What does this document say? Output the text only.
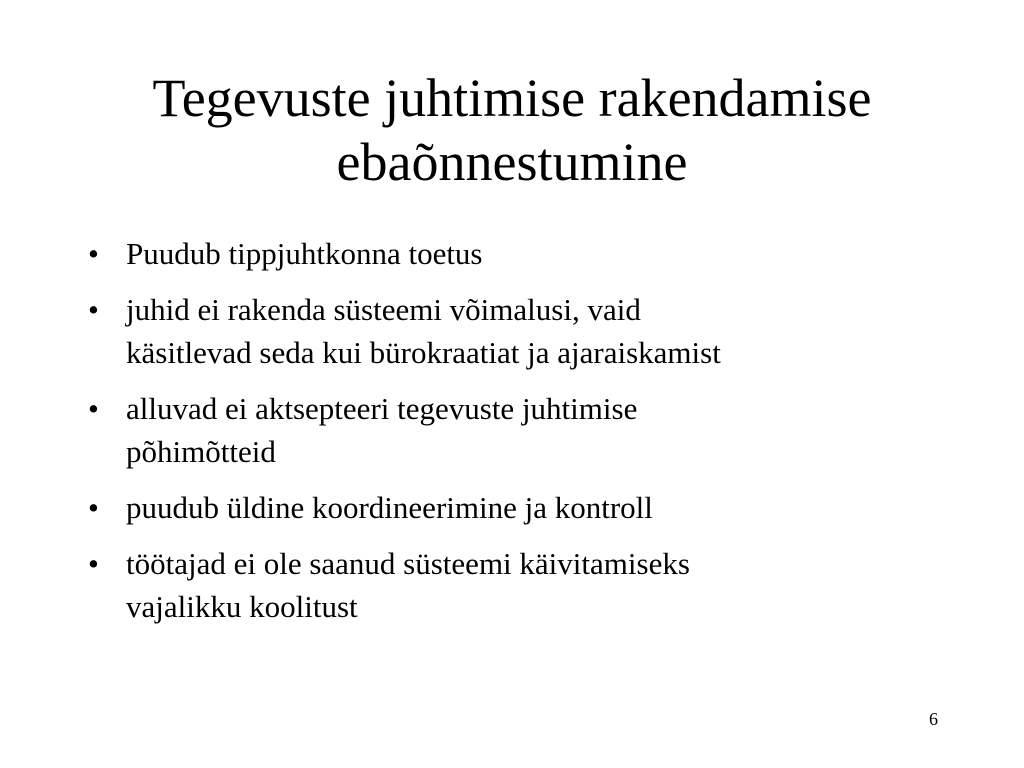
Tegevuste juhtimise rakendamise
ebaõnnestumine
• Puudub tippjuhtkonna toetus
• juhid ei rakenda süsteemi võimalusi, vaid
käsitlevad seda kui bürokraatiat ja ajaraiskamist
• alluvad ei aktsepteeri tegevuste juhtimise
põhimõtteid
• puudub üldine koordineerimine ja kontroll
• töötajad ei ole saanud süsteemi käivitamiseks
vajalikku koolitust
6
